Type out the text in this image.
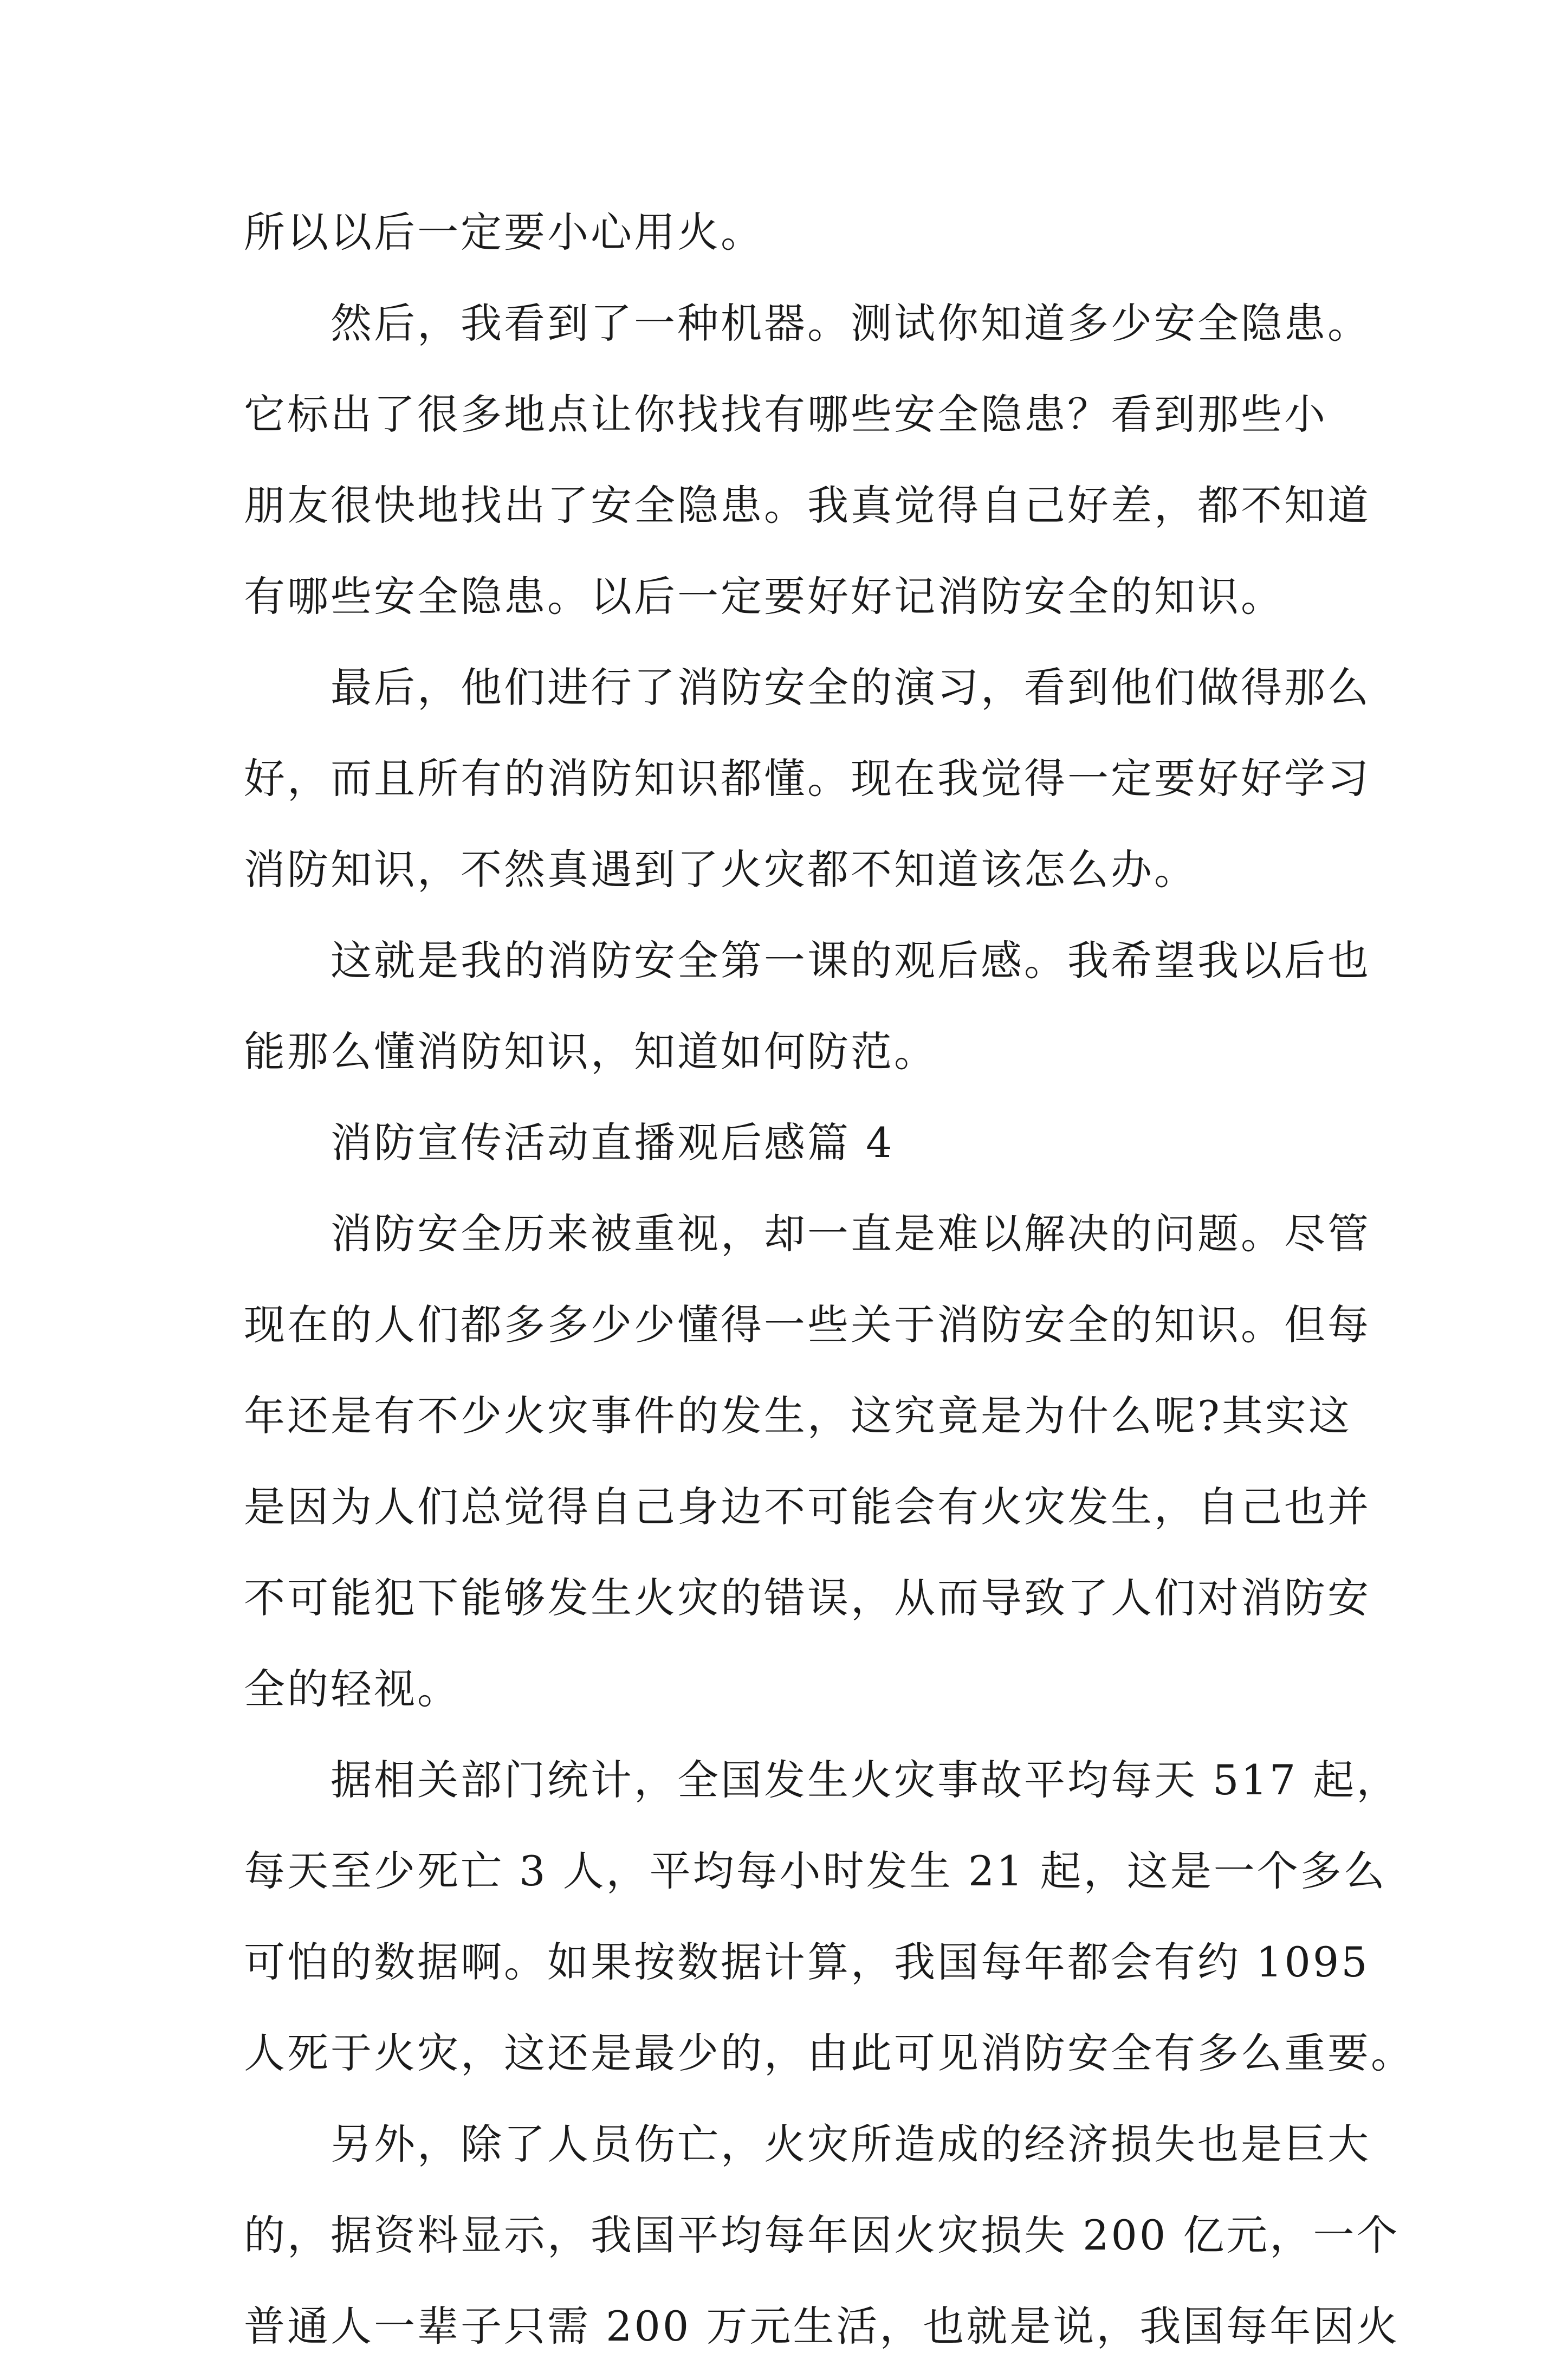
所以以后一定要小心用火。
然后，我看到了一种机器。测试你知道多少安全隐患。
它标出了很多地点让你找找有哪些安全隐患？看到那些小
朋友很快地找出了安全隐患。我真觉得自己好差，都不知道
有哪些安全隐患。以后一定要好好记消防安全的知识。
最后，他们进行了消防安全的演习，看到他们做得那么
好，而且所有的消防知识都懂。现在我觉得一定要好好学习
消防知识，不然真遇到了火灾都不知道该怎么办。
这就是我的消防安全第一课的观后感。我希望我以后也
能那么懂消防知识，知道如何防范。
消防宣传活动直播观后感篇 4
消防安全历来被重视，却一直是难以解决的问题。尽管
现在的人们都多多少少懂得一些关于消防安全的知识。但每
年还是有不少火灾事件的发生，这究竟是为什么呢?其实这
是因为人们总觉得自己身边不可能会有火灾发生，自己也并
不可能犯下能够发生火灾的错误，从而导致了人们对消防安
全的轻视。
据相关部门统计，全国发生火灾事故平均每天 517 起，
每天至少死亡 3 人，平均每小时发生 21 起，这是一个多么
可怕的数据啊。如果按数据计算，我国每年都会有约 1095
人死于火灾，这还是最少的，由此可见消防安全有多么重要。
另外，除了人员伤亡，火灾所造成的经济损失也是巨大
的，据资料显示，我国平均每年因火灾损失 200 亿元，一个
普通人一辈子只需 200 万元生活，也就是说，我国每年因火
